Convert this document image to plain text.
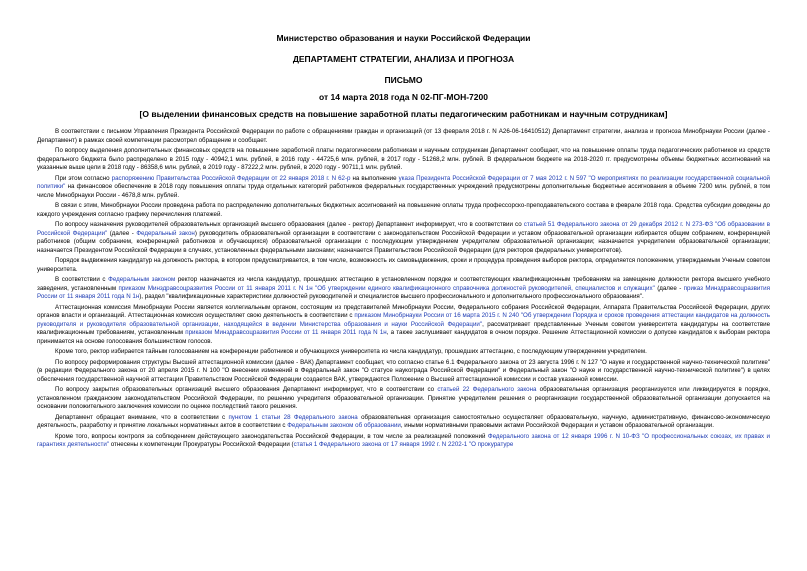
Министерство образования и науки Российской Федерации

ДЕПАРТАМЕНТ СТРАТЕГИИ, АНАЛИЗА И ПРОГНОЗА

ПИСЬМО

от 14 марта 2018 года N 02-ПГ-МОН-7200

[О выделении финансовых средств на повышение заработной платы педагогическим работникам и научным сотрудникам]

В соответствии с письмом Управления Президента Российской Федерации по работе с обращениями граждан и организаций (от 13 февраля 2018 г. N А26-06-16410512) Департамент стратегии, анализа и прогноза Минобрнауки России (далее - Департамент) в рамках своей компетенции рассмотрел обращение и сообщает.

По вопросу выделения дополнительных финансовых средств на повышение заработной платы педагогическим работникам и научным сотрудникам Департамент сообщает, что на повышение оплаты труда педагогических работников из средств федерального бюджета было распределено в 2015 году - 40942,1 млн. рублей, в 2016 году - 44725,6 млн. рублей, в 2017 году - 51268,2 млн. рублей. В федеральном бюджете на 2018-2020 гг. предусмотрены объемы бюджетных ассигнований на указанные выше цели в 2018 году - 86358,6 млн. рублей, в 2019 году - 87222,2 млн. рублей, в 2020 году - 90711,1 млн. рублей.

При этом согласно распоряжению Правительства Российской Федерации от 22 января 2018 г. N 62-р на выполнение указа Президента Российской Федерации от 7 мая 2012 г. N 597 "О мероприятиях по реализации государственной социальной политики" на финансовое обеспечение в 2018 году повышения оплаты труда отдельных категорий работников федеральных государственных учреждений предусмотрены дополнительные бюджетные ассигнования в объеме 7200 млн. рублей, в том числе Минобрнауки России - 4678,8 млн. рублей.

В связи с этим, Минобрнауки России проведена работа по распределению дополнительных бюджетных ассигнований на повышение оплаты труда профессорско-преподавательского состава в феврале 2018 года. Средства субсидии доведены до каждого учреждения согласно графику перечисления платежей.

По вопросу назначения руководителей образовательных организаций высшего образования (далее - ректор) Департамент информирует, что в соответствии со статьей 51 Федерального закона от 29 декабря 2012 г. N 273-ФЗ "Об образовании в Российской Федерации" (далее - Федеральный закон) руководитель образовательной организации в соответствии с законодательством Российской Федерации и уставом образовательной организации избирается общим собранием, конференцией работников (общим собранием, конференцией работников и обучающихся) образовательной организации с последующим утверждением учредителем образовательной организации; назначается учредителем образовательной организации; назначается Президентом Российской Федерации в случаях, установленных федеральными законами; назначается Правительством Российской Федерации (для ректоров федеральных университетов).

Порядок выдвижения кандидатур на должность ректора, в котором предусматривается, в том числе, возможность их самовыдвижения, сроки и процедура проведения выборов ректора, определяется положением, утверждаемым Ученым советом университета.

В соответствии с Федеральным законом ректор назначается из числа кандидатур, прошедших аттестацию в установленном порядке и соответствующих квалификационным требованиям на замещение должности ректора высшего учебного заведения, установленным приказом Минздравсоцразвития России от 11 января 2011 г. N 1н "Об утверждении единого квалификационного справочника должностей руководителей, специалистов и служащих" (далее - приказ Минздравсоцразвития России от 11 января 2011 года N 1н), раздел "квалификационные характеристики должностей руководителей и специалистов высшего профессионального и дополнительного профессионального образования".

Аттестационная комиссия Минобрнауки России является коллегиальным органом, состоящим из представителей Минобрнауки России, Федерального собрания Российской Федерации, Аппарата Правительства Российской Федерации, других органов власти и организаций. Аттестационная комиссия осуществляет свою деятельность в соответствии с приказом Минобрнауки России от 16 марта 2015 г. N 240 "Об утверждении Порядка и сроков проведения аттестации кандидатов на должность руководителя и руководителя образовательной организации, находящейся в ведении Министерства образования и науки Российской Федерации", рассматривает представленные Ученым советом университета кандидатуры на соответствие квалификационным требованиям, установленным приказом Минздравсоцразвития России от 11 января 2011 года N 1н, а также заслушивает кандидатов в очном порядке. Решение Аттестационной комиссии о допуске кандидатов к выборам ректора принимается на основе голосования большинством голосов.

Кроме того, ректор избирается тайным голосованием на конференции работников и обучающихся университета из числа кандидатур, прошедших аттестацию, с последующим утверждением учредителем.

По вопросу реформирования структуры Высшей аттестационной комиссии (далее - ВАК) Департамент сообщает, что согласно статье 6.1 Федерального закона от 23 августа 1996 г. N 127 "О науке и государственной научно-технической политике" (в редакции Федерального закона от 20 апреля 2015 г. N 100 "О внесении изменений в Федеральный закон "О статусе наукограда Российской Федерации" и Федеральный закон "О науке и государственной научно-технической политике") в целях обеспечения государственной научной аттестации Правительством Российской Федерации создается ВАК, утверждаются Положение о Высшей аттестационной комиссии и состав указанной комиссии.

По вопросу закрытия образовательных организаций высшего образования Департамент информирует, что в соответствии со статьей 22 Федерального закона образовательная организация реорганизуется или ликвидируется в порядке, установленном гражданским законодательством Российской Федерации, по решению учредителя образовательной организации. Принятие учредителем решения о реорганизации государственной образовательной организации допускается на основании положительного заключения комиссии по оценке последствий такого решения.

Департамент обращает внимание, что в соответствии с пунктом 1 статьи 28 Федерального закона образовательная организация самостоятельно осуществляет образовательную, научную, административную, финансово-экономическую деятельность, разработку и принятие локальных нормативных актов в соответствии с Федеральным законом об образовании, иными нормативными правовыми актами Российской Федерации и уставом образовательной организации.

Кроме того, вопросы контроля за соблюдением действующего законодательства Российской Федерации, в том числе за реализацией положений Федерального закона от 12 января 1996 г. N 10-ФЗ "О профессиональных союзах, их правах и гарантиях деятельности" отнесены к компетенции Прокуратуры Российской Федерации (статья 1 Федерального закона от 17 января 1992 г. N 2202-1 "О прокуратуре
